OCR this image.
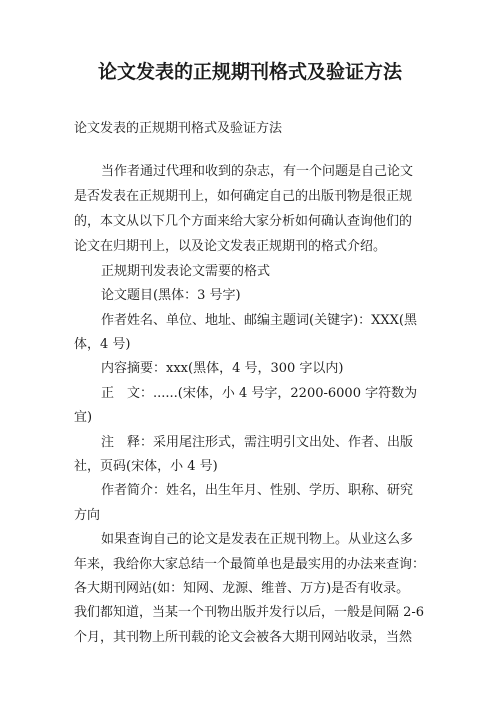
论文发表的正规期刊格式及验证方法

论文发表的正规期刊格式及验证方法

当作者通过代理和收到的杂志，有一个问题是自己论文

是否发表在正规期刊上，如何确定自己的出版刊物是很正规

的，本文从以下几个方面来给大家分析如何确认查询他们的

论文在归期刊上，以及论文发表正规期刊的格式介绍。

正规期刊发表论文需要的格式

论文题目(黑体：3 号字)

作者姓名、单位、地址、邮编主题词(关键字)：XXX(黑

体，4 号)

内容摘要：xxx(黑体，4 号，300 字以内)

正　文：......(宋体，小 4 号字，2200-6000 字符数为

宜)

注　释：采用尾注形式，需注明引文出处、作者、出版

社，页码(宋体，小 4 号)

作者简介：姓名，出生年月、性别、学历、职称、研究

方向

如果查询自己的论文是发表在正规刊物上。从业这么多

年来，我给你大家总结一个最简单也是最实用的办法来查询：

各大期刊网站(如：知网、龙源、维普、万方)是否有收录。

我们都知道，当某一个刊物出版并发行以后，一般是间隔 2-6

个月，其刊物上所刊载的论文会被各大期刊网站收录，当然
